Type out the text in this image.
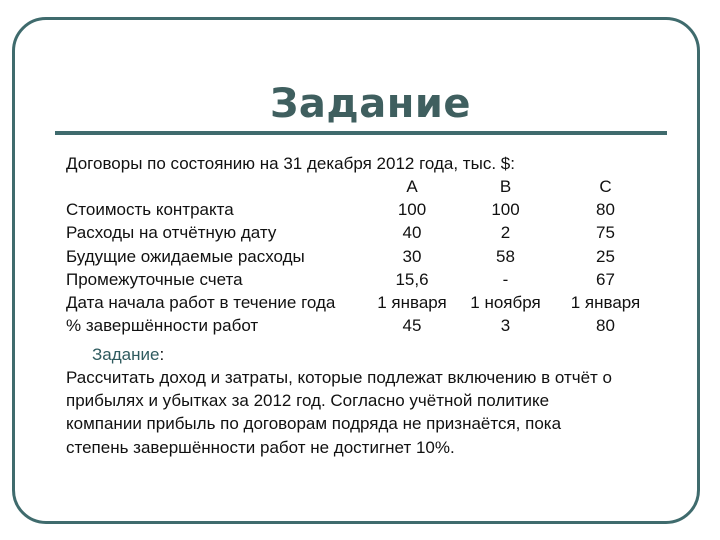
Задание
Договоры по состоянию на 31 декабря 2012 года, тыс. $:
	A	B	C
Стоимость контракта	100	100	80
Расходы на отчётную дату	40	2	75
Будущие ожидаемые расходы	30	58	25
Промежуточные счета	15,6	-	67
Дата начала работ в течение года	1 января	1 ноября	1 января
% завершённости работ	45	3	80
Задание:
Рассчитать доход и затраты, которые подлежат включению в отчёт о
прибылях и убытках за 2012 год. Согласно учётной политике
компании прибыль по договорам подряда не признаётся, пока
степень завершённости работ не достигнет 10%.
